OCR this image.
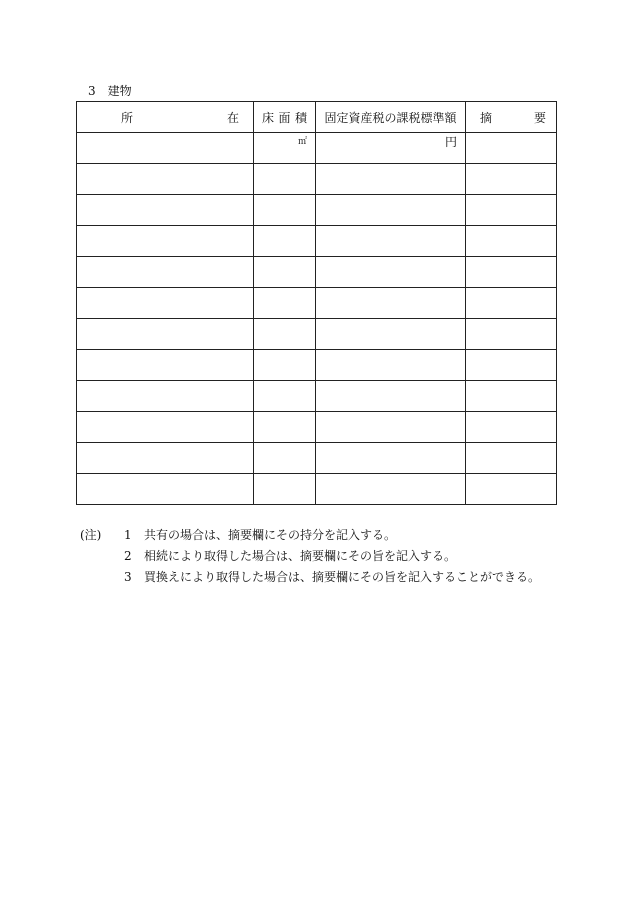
3　 建物
所 在	床 面 積	固定資産税の課税標準額	摘 要

	㎡	円	

(注)	1	共有の場合は、摘要欄にその持分を記入する。
2	相続により取得した場合は、摘要欄にその旨を記入する。
3	買換えにより取得した場合は、摘要欄にその旨を記入することができる。
